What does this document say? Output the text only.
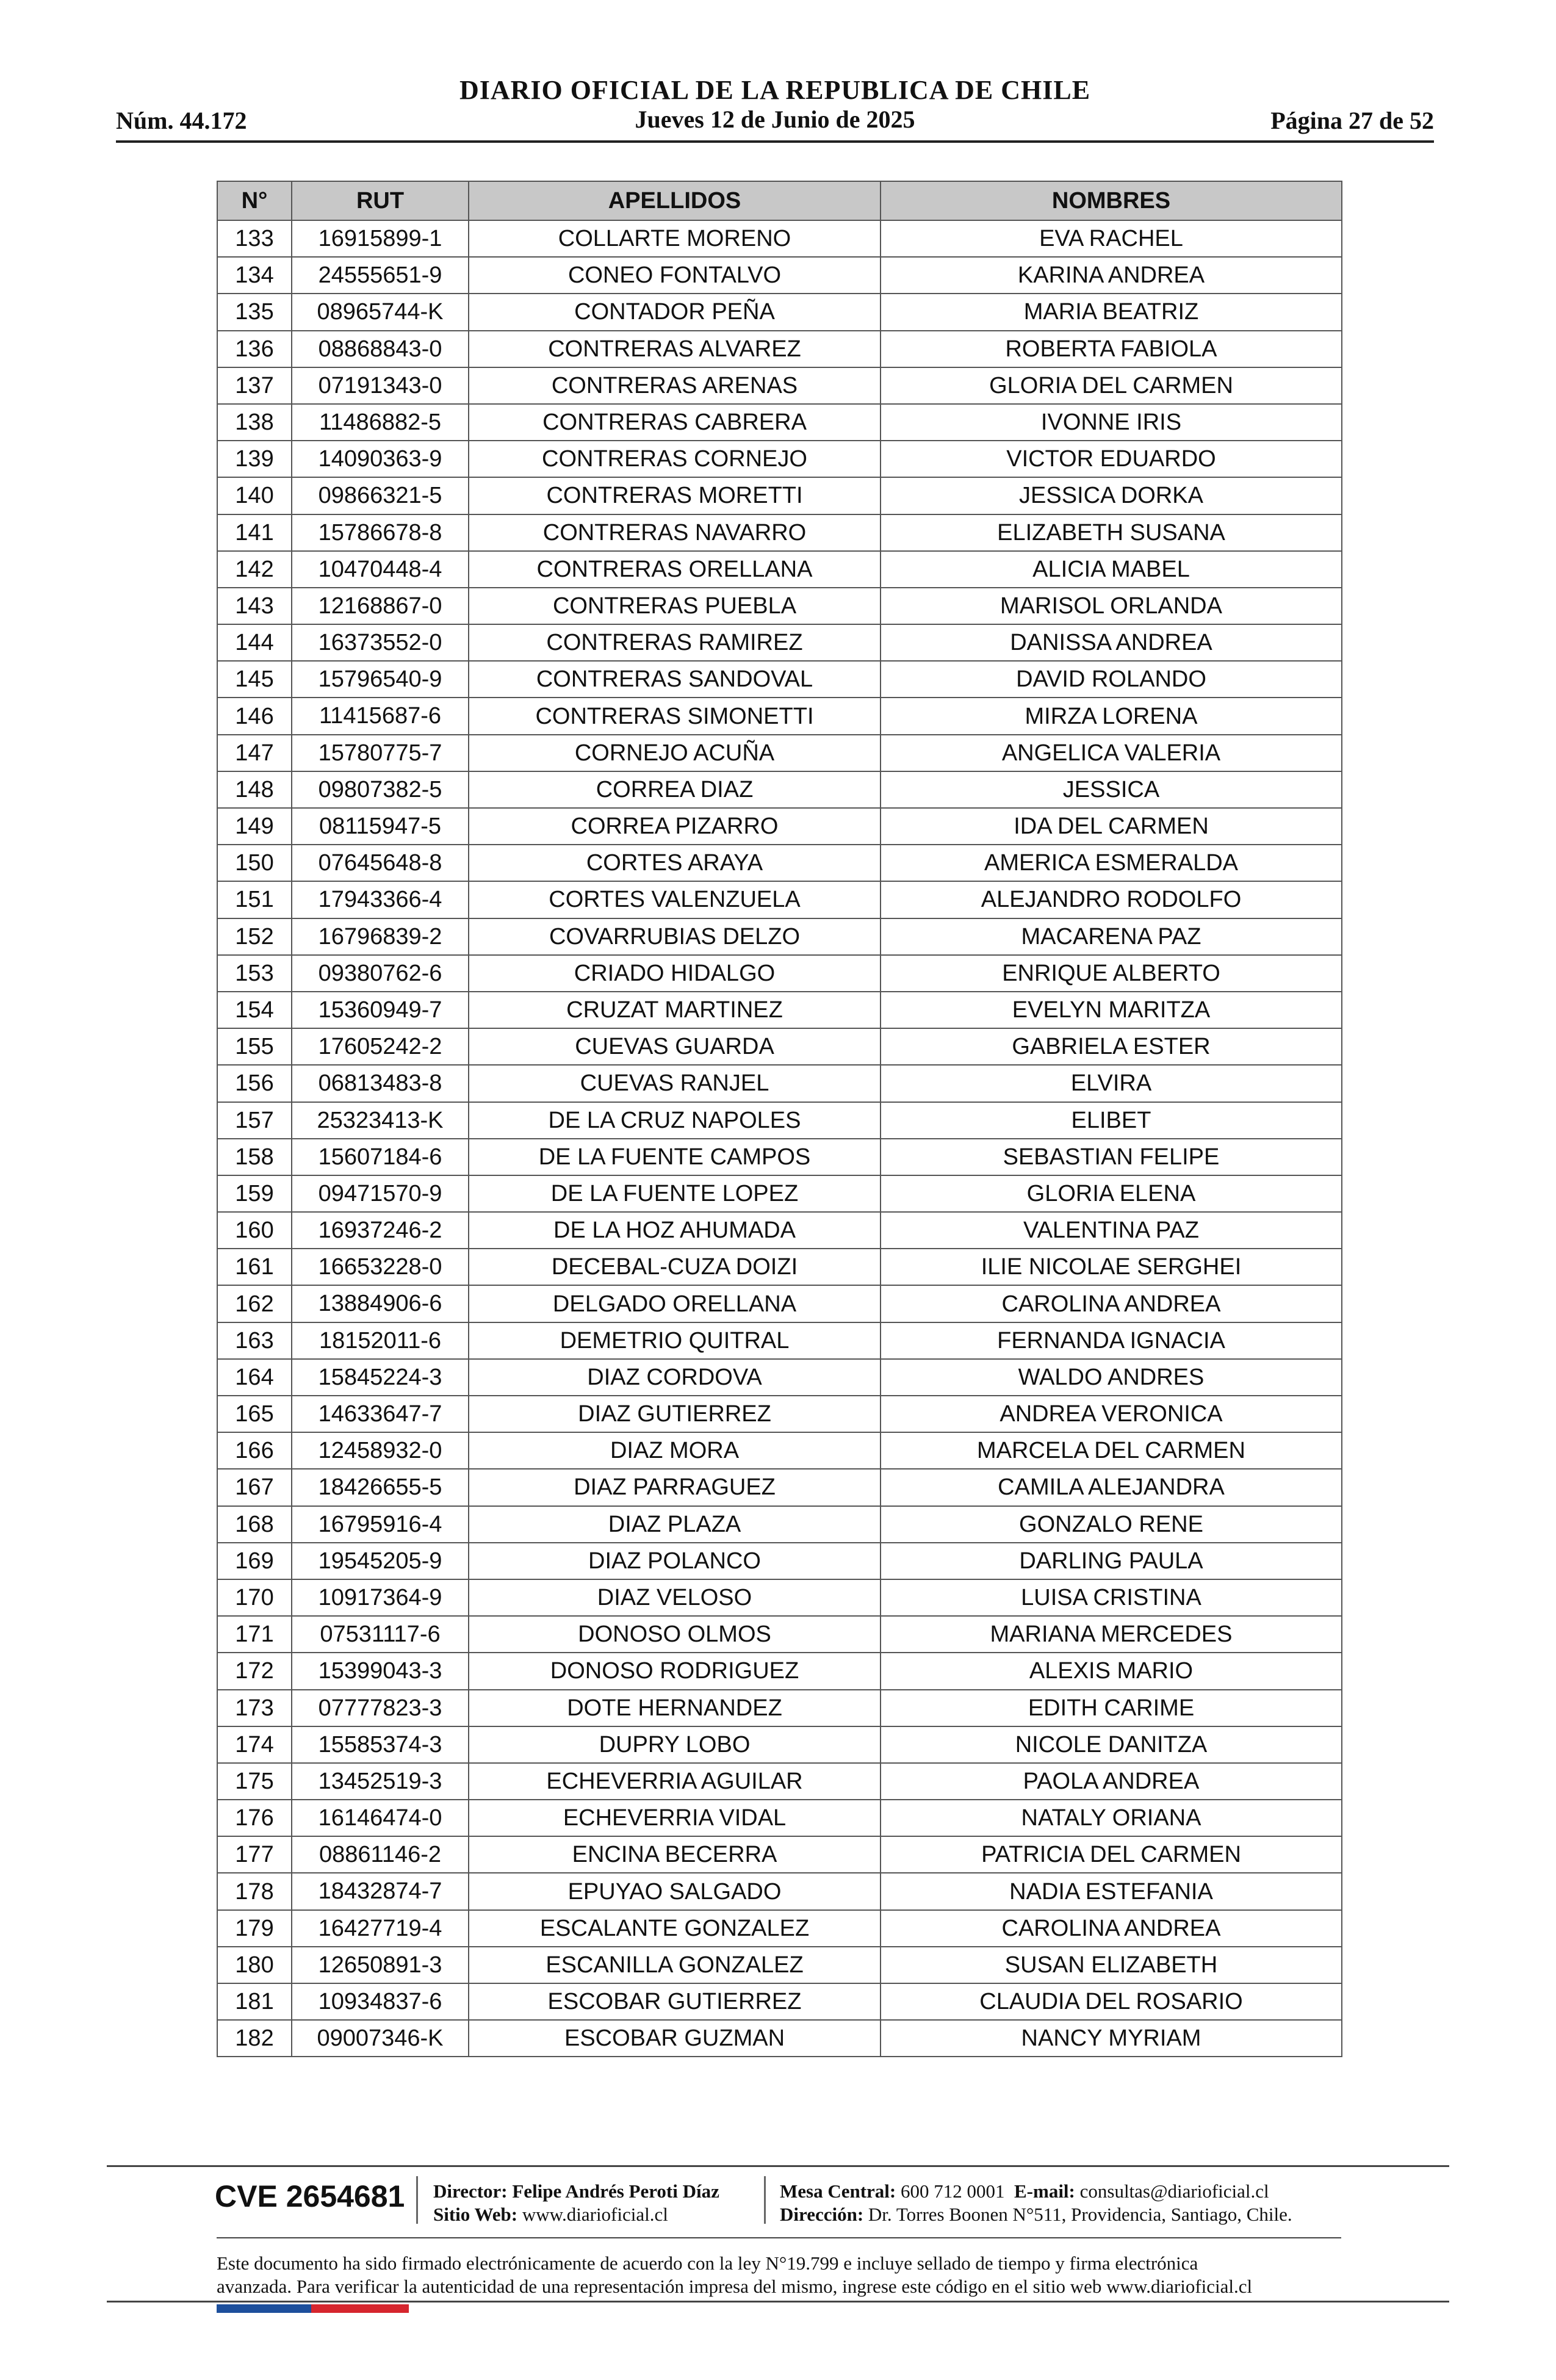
DIARIO OFICIAL DE LA REPUBLICA DE CHILE
Núm. 44.172	Jueves 12 de Junio de 2025	Página 27 de 52
N°	RUT	APELLIDOS	NOMBRES
133	16915899-1	COLLARTE MORENO	EVA RACHEL
134	24555651-9	CONEO FONTALVO	KARINA ANDREA
135	08965744-K	CONTADOR PEÑA	MARIA BEATRIZ
136	08868843-0	CONTRERAS ALVAREZ	ROBERTA FABIOLA
137	07191343-0	CONTRERAS ARENAS	GLORIA DEL CARMEN
138	11486882-5	CONTRERAS CABRERA	IVONNE IRIS
139	14090363-9	CONTRERAS CORNEJO	VICTOR EDUARDO
140	09866321-5	CONTRERAS MORETTI	JESSICA DORKA
141	15786678-8	CONTRERAS NAVARRO	ELIZABETH SUSANA
142	10470448-4	CONTRERAS ORELLANA	ALICIA MABEL
143	12168867-0	CONTRERAS PUEBLA	MARISOL ORLANDA
144	16373552-0	CONTRERAS RAMIREZ	DANISSA ANDREA
145	15796540-9	CONTRERAS SANDOVAL	DAVID ROLANDO
146	11415687-6	CONTRERAS SIMONETTI	MIRZA LORENA
147	15780775-7	CORNEJO ACUÑA	ANGELICA VALERIA
148	09807382-5	CORREA DIAZ	JESSICA
149	08115947-5	CORREA PIZARRO	IDA DEL CARMEN
150	07645648-8	CORTES ARAYA	AMERICA ESMERALDA
151	17943366-4	CORTES VALENZUELA	ALEJANDRO RODOLFO
152	16796839-2	COVARRUBIAS DELZO	MACARENA PAZ
153	09380762-6	CRIADO HIDALGO	ENRIQUE ALBERTO
154	15360949-7	CRUZAT MARTINEZ	EVELYN MARITZA
155	17605242-2	CUEVAS GUARDA	GABRIELA ESTER
156	06813483-8	CUEVAS RANJEL	ELVIRA
157	25323413-K	DE LA CRUZ NAPOLES	ELIBET
158	15607184-6	DE LA FUENTE CAMPOS	SEBASTIAN FELIPE
159	09471570-9	DE LA FUENTE LOPEZ	GLORIA ELENA
160	16937246-2	DE LA HOZ AHUMADA	VALENTINA PAZ
161	16653228-0	DECEBAL-CUZA DOIZI	ILIE NICOLAE SERGHEI
162	13884906-6	DELGADO ORELLANA	CAROLINA ANDREA
163	18152011-6	DEMETRIO QUITRAL	FERNANDA IGNACIA
164	15845224-3	DIAZ CORDOVA	WALDO ANDRES
165	14633647-7	DIAZ GUTIERREZ	ANDREA VERONICA
166	12458932-0	DIAZ MORA	MARCELA DEL CARMEN
167	18426655-5	DIAZ PARRAGUEZ	CAMILA ALEJANDRA
168	16795916-4	DIAZ PLAZA	GONZALO RENE
169	19545205-9	DIAZ POLANCO	DARLING PAULA
170	10917364-9	DIAZ VELOSO	LUISA CRISTINA
171	07531117-6	DONOSO OLMOS	MARIANA MERCEDES
172	15399043-3	DONOSO RODRIGUEZ	ALEXIS MARIO
173	07777823-3	DOTE HERNANDEZ	EDITH CARIME
174	15585374-3	DUPRY LOBO	NICOLE DANITZA
175	13452519-3	ECHEVERRIA AGUILAR	PAOLA ANDREA
176	16146474-0	ECHEVERRIA VIDAL	NATALY ORIANA
177	08861146-2	ENCINA BECERRA	PATRICIA DEL CARMEN
178	18432874-7	EPUYAO SALGADO	NADIA ESTEFANIA
179	16427719-4	ESCALANTE GONZALEZ	CAROLINA ANDREA
180	12650891-3	ESCANILLA GONZALEZ	SUSAN ELIZABETH
181	10934837-6	ESCOBAR GUTIERREZ	CLAUDIA DEL ROSARIO
182	09007346-K	ESCOBAR GUZMAN	NANCY MYRIAM
CVE 2654681 Director: Felipe Andrés Peroti Díaz
Sitio Web: www.diarioficial.cl
Mesa Central: 600 712 0001 E-mail: consultas@diarioficial.cl
Dirección: Dr. Torres Boonen N°511, Providencia, Santiago, Chile.
Este documento ha sido firmado electrónicamente de acuerdo con la ley N°19.799 e incluye sellado de tiempo y firma electrónica
avanzada. Para verificar la autenticidad de una representación impresa del mismo, ingrese este código en el sitio web www.diarioficial.cl
